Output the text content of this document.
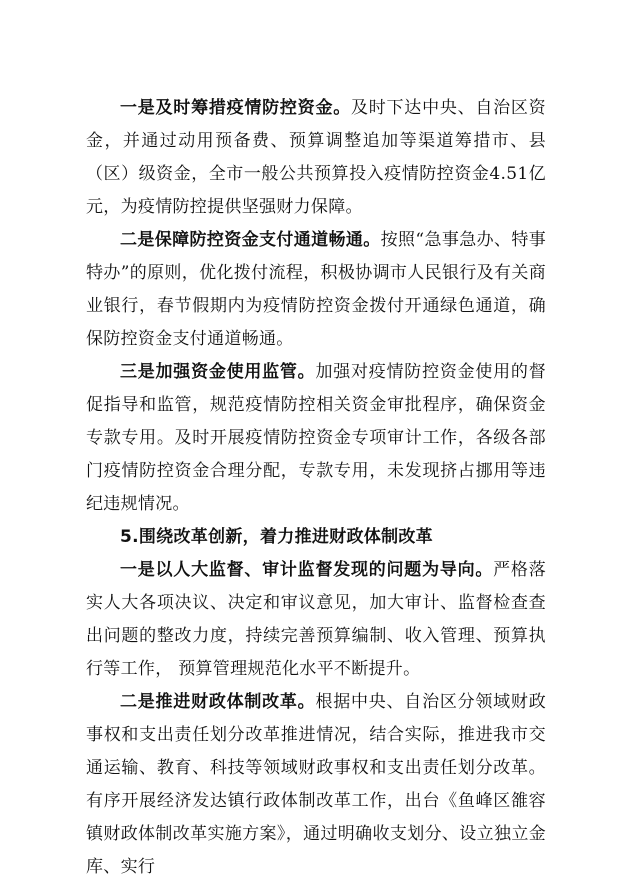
一是及时筹措疫情防控资金。及时下达中央、自治区资金，并通过动用预备费、预算调整追加等渠道筹措市、县（区）级资金，全市一般公共预算投入疫情防控资金4.51亿元，为疫情防控提供坚强财力保障。

二是保障防控资金支付通道畅通。按照“急事急办、特事特办”的原则，优化拨付流程，积极协调市人民银行及有关商业银行，春节假期内为疫情防控资金拨付开通绿色通道，确保防控资金支付通道畅通。

三是加强资金使用监管。加强对疫情防控资金使用的督促指导和监管，规范疫情防控相关资金审批程序，确保资金专款专用。及时开展疫情防控资金专项审计工作，各级各部门疫情防控资金合理分配，专款专用，未发现挤占挪用等违纪违规情况。

5.围绕改革创新，着力推进财政体制改革

一是以人大监督、审计监督发现的问题为导向。严格落实人大各项决议、决定和审议意见，加大审计、监督检查查出问题的整改力度，持续完善预算编制、收入管理、预算执行等工作， 预算管理规范化水平不断提升。

二是推进财政体制改革。根据中央、自治区分领域财政事权和支出责任划分改革推进情况，结合实际，推进我市交通运输、教育、科技等领域财政事权和支出责任划分改革。有序开展经济发达镇行政体制改革工作，出台《鱼峰区雒容镇财政体制改革实施方案》，通过明确收支划分、设立独立金库、实行
